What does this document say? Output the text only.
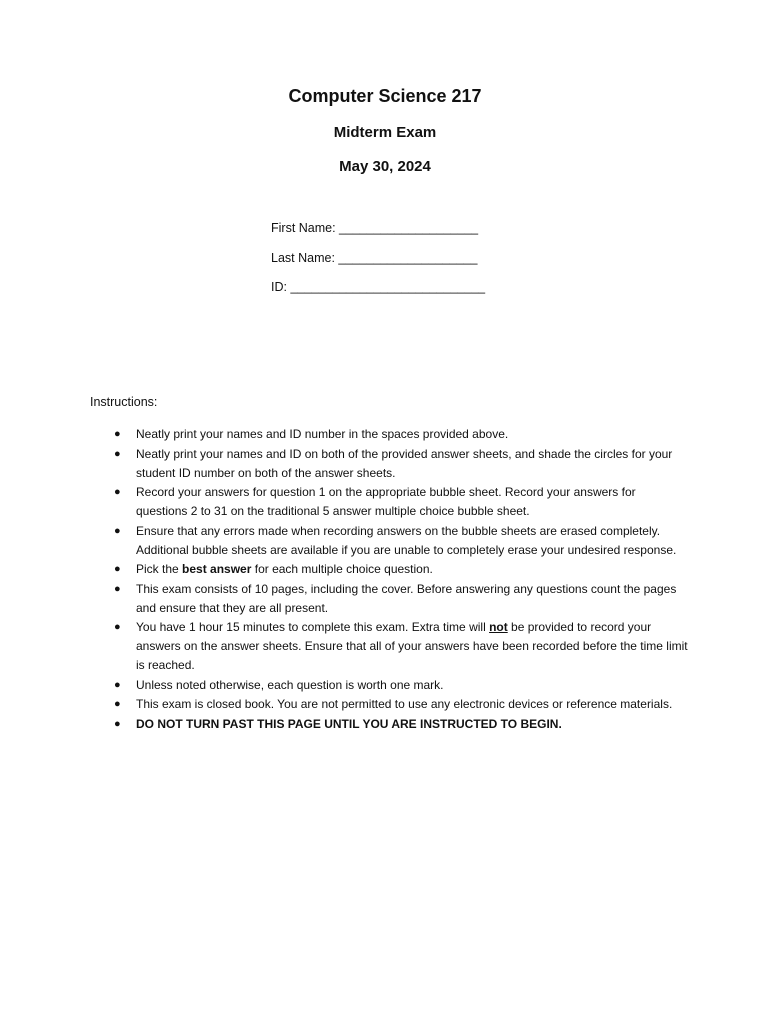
Computer Science 217
Midterm Exam
May 30, 2024
First Name: ____________________
Last Name: ____________________
ID: ____________________________
Instructions:
● Neatly print your names and ID number in the spaces provided above.
● Neatly print your names and ID on both of the provided answer sheets, and shade the circles for your student ID number on both of the answer sheets.
● Record your answers for question 1 on the appropriate bubble sheet. Record your answers for questions 2 to 31 on the traditional 5 answer multiple choice bubble sheet.
● Ensure that any errors made when recording answers on the bubble sheets are erased completely. Additional bubble sheets are available if you are unable to completely erase your undesired response.
● Pick the best answer for each multiple choice question.
● This exam consists of 10 pages, including the cover. Before answering any questions count the pages and ensure that they are all present.
● You have 1 hour 15 minutes to complete this exam. Extra time will not be provided to record your answers on the answer sheets. Ensure that all of your answers have been recorded before the time limit is reached.
● Unless noted otherwise, each question is worth one mark.
● This exam is closed book. You are not permitted to use any electronic devices or reference materials.
● DO NOT TURN PAST THIS PAGE UNTIL YOU ARE INSTRUCTED TO BEGIN.
